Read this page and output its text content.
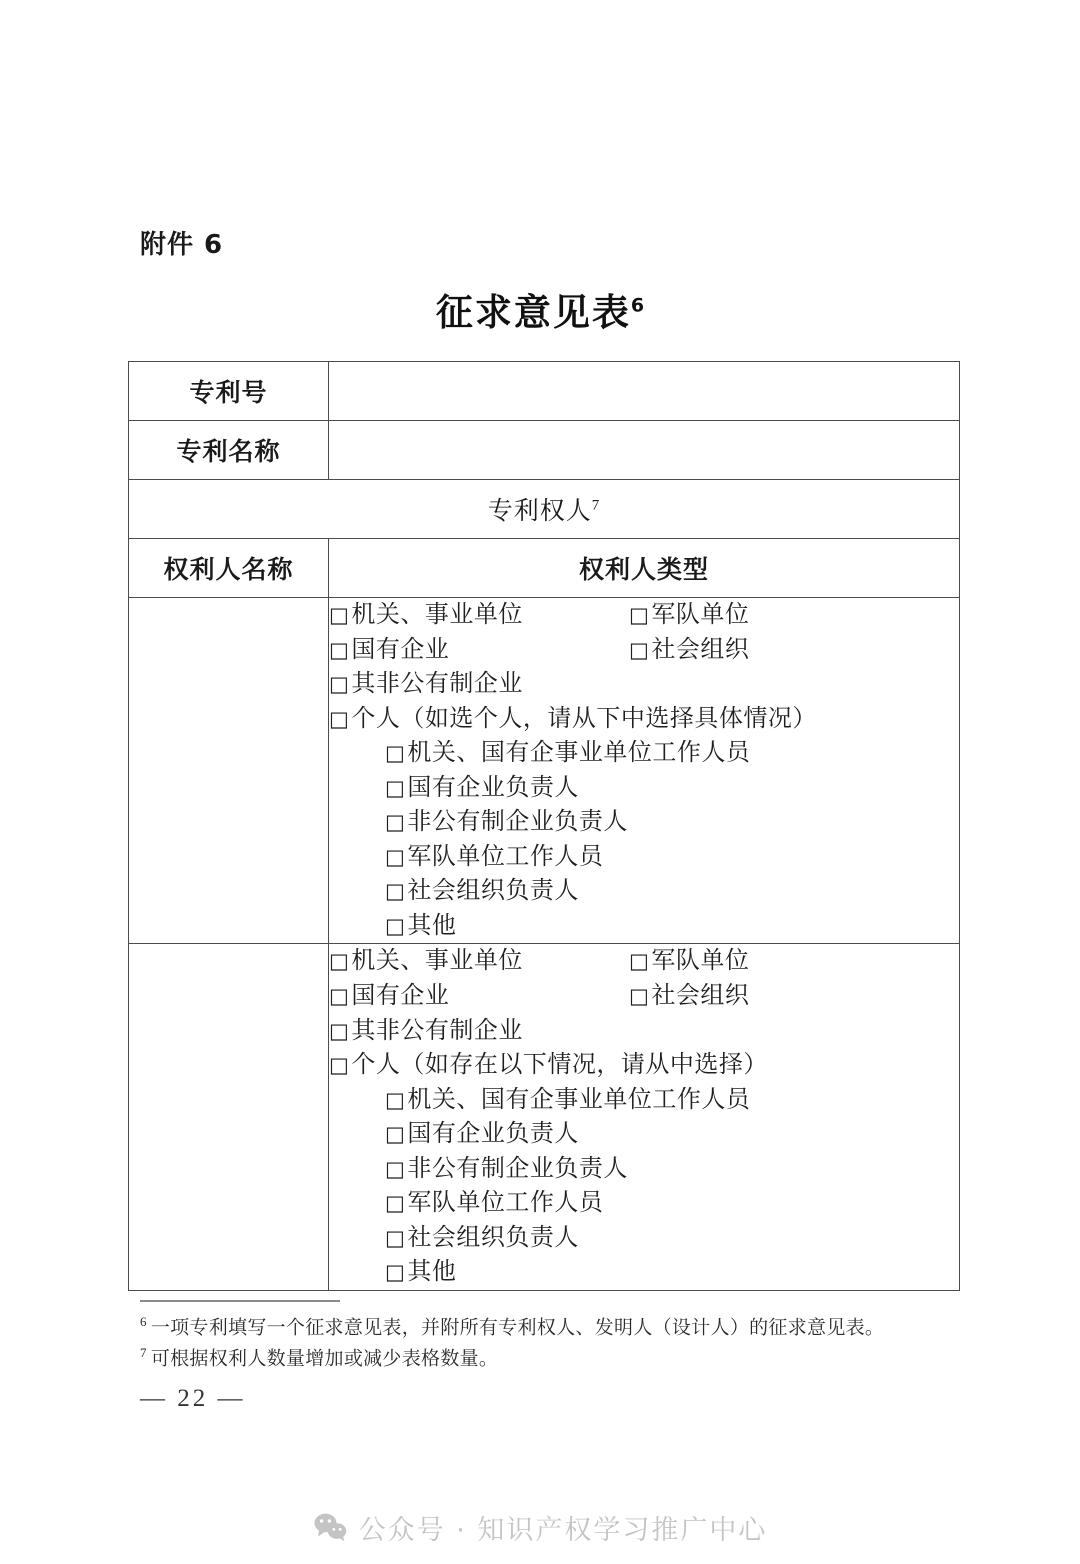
附件 6
征求意见表$^6$
专利号	
专利名称	
专利权人$^7$
权利人名称	权利人类型

□机关、事业单位	□军队单位
□国有企业	□社会组织
□其非公有制企业
□个人（如选个人，请从下中选择具体情况）
□机关、国有企事业单位工作人员
□国有企业负责人
□非公有制企业负责人
□军队单位工作人员
□社会组织负责人
□其他

□机关、事业单位	□军队单位
□国有企业	□社会组织
□其非公有制企业
□个人（如存在以下情况，请从中选择）
□机关、国有企事业单位工作人员
□国有企业负责人
□非公有制企业负责人
□军队单位工作人员
□社会组织负责人
□其他
$^6$ 一项专利填写一个征求意见表，并附所有专利权人、发明人（设计人）的征求意见表。
$^7$ 可根据权利人数量增加或减少表格数量。
— 22 —
公众号 · 知识产权学习推广中心
